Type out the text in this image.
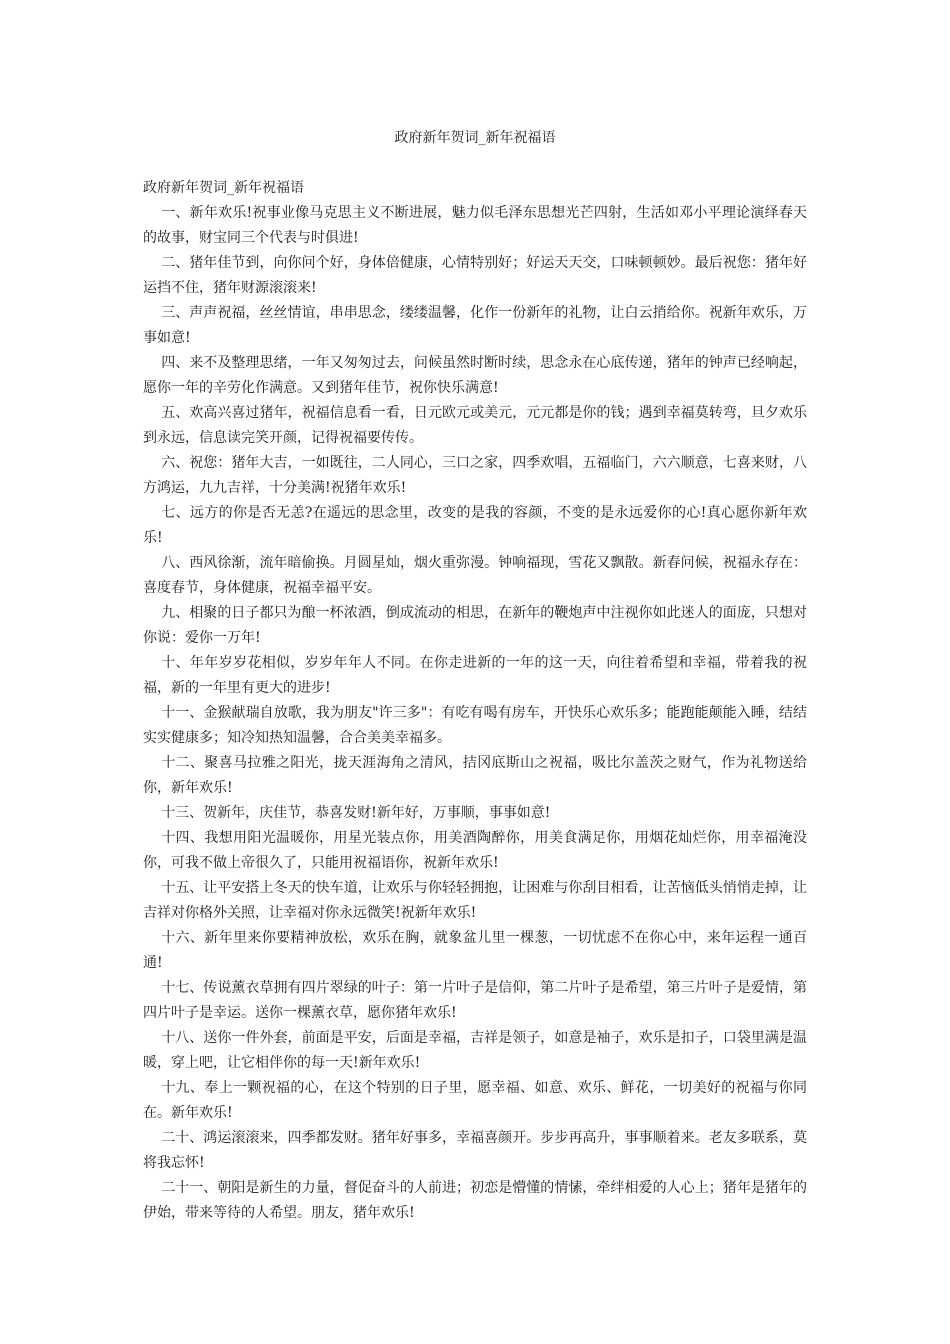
政府新年贺词_新年祝福语

政府新年贺词_新年祝福语

一、新年欢乐!祝事业像马克思主义不断进展，魅力似毛泽东思想光芒四射，生活如邓小平理论演绎春天的故事，财宝同三个代表与时俱进!

二、猪年佳节到，向你问个好，身体倍健康，心情特别好；好运天天交，口味顿顿妙。最后祝您：猪年好运挡不住，猪年财源滚滚来!

三、声声祝福，丝丝情谊，串串思念，缕缕温馨，化作一份新年的礼物，让白云捎给你。祝新年欢乐，万事如意!

四、来不及整理思绪，一年又匆匆过去，问候虽然时断时续，思念永在心底传递，猪年的钟声已经响起，愿你一年的辛劳化作满意。又到猪年佳节，祝你快乐满意!

五、欢高兴喜过猪年，祝福信息看一看，日元欧元或美元，元元都是你的钱；遇到幸福莫转弯，旦夕欢乐到永远，信息读完笑开颜，记得祝福要传传。

六、祝您：猪年大吉，一如既往，二人同心，三口之家，四季欢唱，五福临门，六六顺意，七喜来财，八方鸿运，九九吉祥，十分美满!祝猪年欢乐!

七、远方的你是否无恙?在遥远的思念里，改变的是我的容颜，不变的是永远爱你的心!真心愿你新年欢乐!

八、西风徐渐，流年暗偷换。月圆星灿，烟火重弥漫。钟响福现，雪花又飘散。新春问候，祝福永存在：喜度春节，身体健康，祝福幸福平安。

九、相聚的日子都只为酿一杯浓酒，倒成流动的相思，在新年的鞭炮声中注视你如此迷人的面庞，只想对你说：爱你一万年!

十、年年岁岁花相似，岁岁年年人不同。在你走进新的一年的这一天，向往着希望和幸福，带着我的祝福，新的一年里有更大的进步!

十一、金猴献瑞自放歌，我为朋友"许三多"：有吃有喝有房车，开快乐心欢乐多；能跑能颠能入睡，结结实实健康多；知冷知热知温馨，合合美美幸福多。

十二、聚喜马拉雅之阳光，拢天涯海角之清风，拮冈底斯山之祝福，吸比尔盖茨之财气，作为礼物送给你，新年欢乐!

十三、贺新年，庆佳节，恭喜发财!新年好，万事顺，事事如意!

十四、我想用阳光温暖你，用星光装点你，用美酒陶醉你，用美食满足你，用烟花灿烂你，用幸福淹没你，可我不做上帝很久了，只能用祝福语你，祝新年欢乐!

十五、让平安搭上冬天的快车道，让欢乐与你轻轻拥抱，让困难与你刮目相看，让苦恼低头悄悄走掉，让吉祥对你格外关照，让幸福对你永远微笑!祝新年欢乐!

十六、新年里来你要精神放松，欢乐在胸，就象盆儿里一棵葱，一切忧虑不在你心中，来年运程一通百通!

十七、传说薰衣草拥有四片翠绿的叶子：第一片叶子是信仰，第二片叶子是希望，第三片叶子是爱情，第四片叶子是幸运。送你一棵薰衣草，愿你猪年欢乐!

十八、送你一件外套，前面是平安，后面是幸福，吉祥是领子，如意是袖子，欢乐是扣子，口袋里满是温暖，穿上吧，让它相伴你的每一天!新年欢乐!

十九、奉上一颗祝福的心，在这个特别的日子里，愿幸福、如意、欢乐、鲜花，一切美好的祝福与你同在。新年欢乐!

二十、鸿运滚滚来，四季都发财。猪年好事多，幸福喜颜开。步步再高升，事事顺着来。老友多联系，莫将我忘怀!

二十一、朝阳是新生的力量，督促奋斗的人前进；初恋是懵懂的情愫，牵绊相爱的人心上；猪年是猪年的伊始，带来等待的人希望。朋友，猪年欢乐!
